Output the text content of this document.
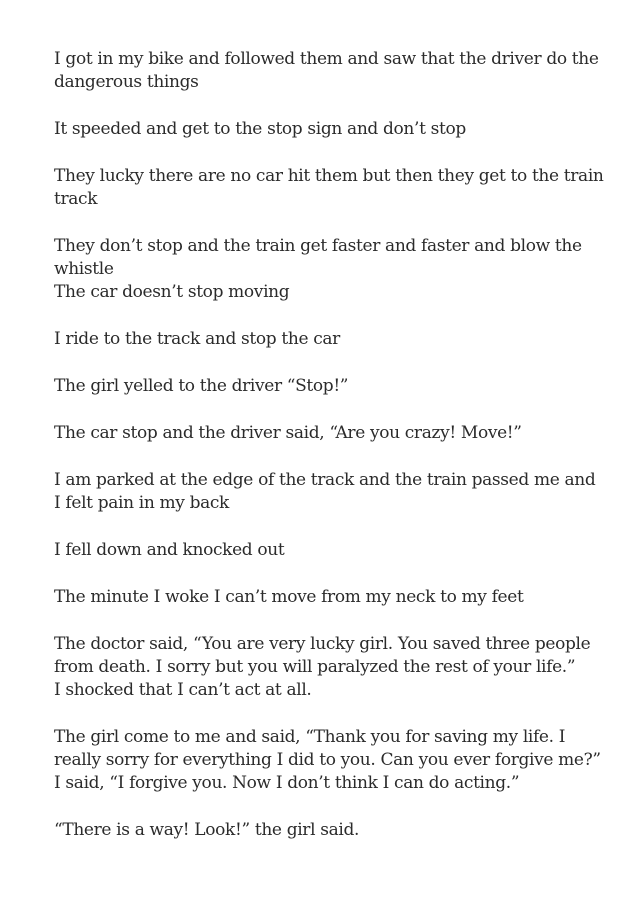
I got in my bike and followed them and saw that the driver do the
dangerous things

It speeded and get to the stop sign and don’t stop

They lucky there are no car hit them but then they get to the train
track

They don’t stop and the train get faster and faster and blow the
whistle
The car doesn’t stop moving

I ride to the track and stop the car

The girl yelled to the driver “Stop!”

The car stop and the driver said, “Are you crazy! Move!”

I am parked at the edge of the track and the train passed me and
I felt pain in my back

I fell down and knocked out

The minute I woke I can’t move from my neck to my feet

The doctor said, “You are very lucky girl. You saved three people
from death. I sorry but you will paralyzed the rest of your life.”
I shocked that I can’t act at all.

The girl come to me and said, “Thank you for saving my life. I
really sorry for everything I did to you. Can you ever forgive me?”
I said, “I forgive you. Now I don’t think I can do acting.”

“There is a way! Look!” the girl said.
